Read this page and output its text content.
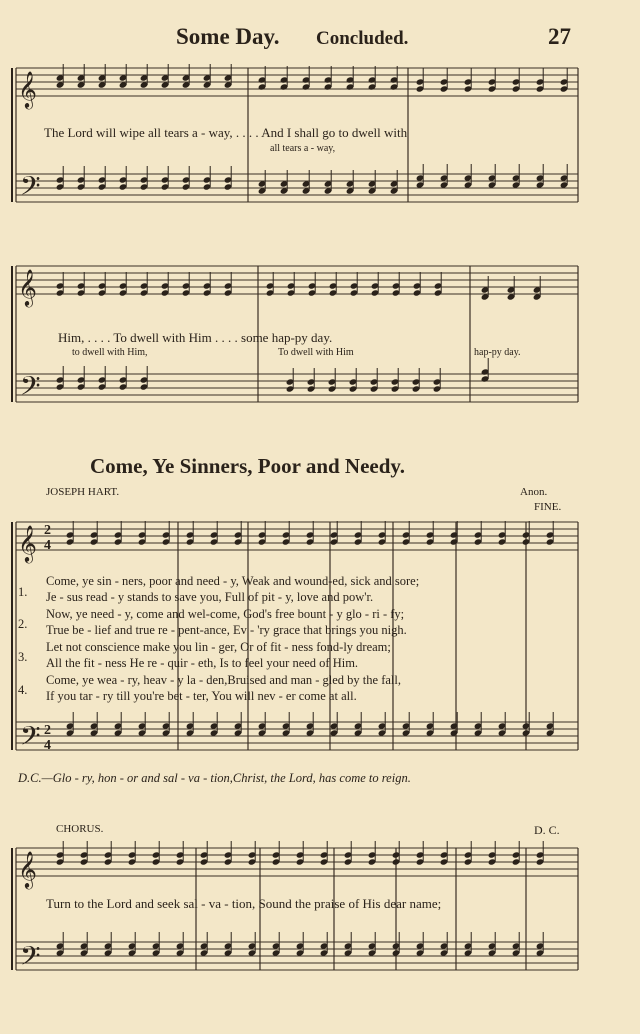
Some Day. Concluded.	27
𝄞
𝄢
𝄞
𝄢
𝄞
𝄢
2
4
2
4
𝄞
𝄢
The Lord will wipe all tears a - way, . . . . And I shall go to dwell with
all tears a - way,
Him, . . . . To dwell with Him . . . . some hap-py day.
to dwell with Him,	To dwell with Him	hap-py day.
Come, Ye Sinners, Poor and Needy.
JOSEPH HART.	Anon.
FINE.
1.
Come, ye sin - ners, poor and need - y, Weak and wound-ed, sick and sore;
Je - sus read - y stands to save you, Full of pit - y, love and pow'r.
2.
Now, ye need - y, come and wel-come, God's free bount - y glo - ri - fy;
True be - lief and true re - pent-ance, Ev - 'ry grace that brings you nigh.
3.
Let not conscience make you lin - ger, Or of fit - ness fond-ly dream;
All the fit - ness He re - quir - eth, Is to feel your need of Him.
4.
Come, ye wea - ry, heav - y la - den,Bruised and man - gled by the fall,
If you tar - ry till you're bet - ter, You will nev - er come at all.
D.C.—Glo - ry, hon - or and sal - va - tion,Christ, the Lord, has come to reign.
CHORUS.	D. C.
Turn to the Lord and seek sal - va - tion, Sound the praise of His dear name;
